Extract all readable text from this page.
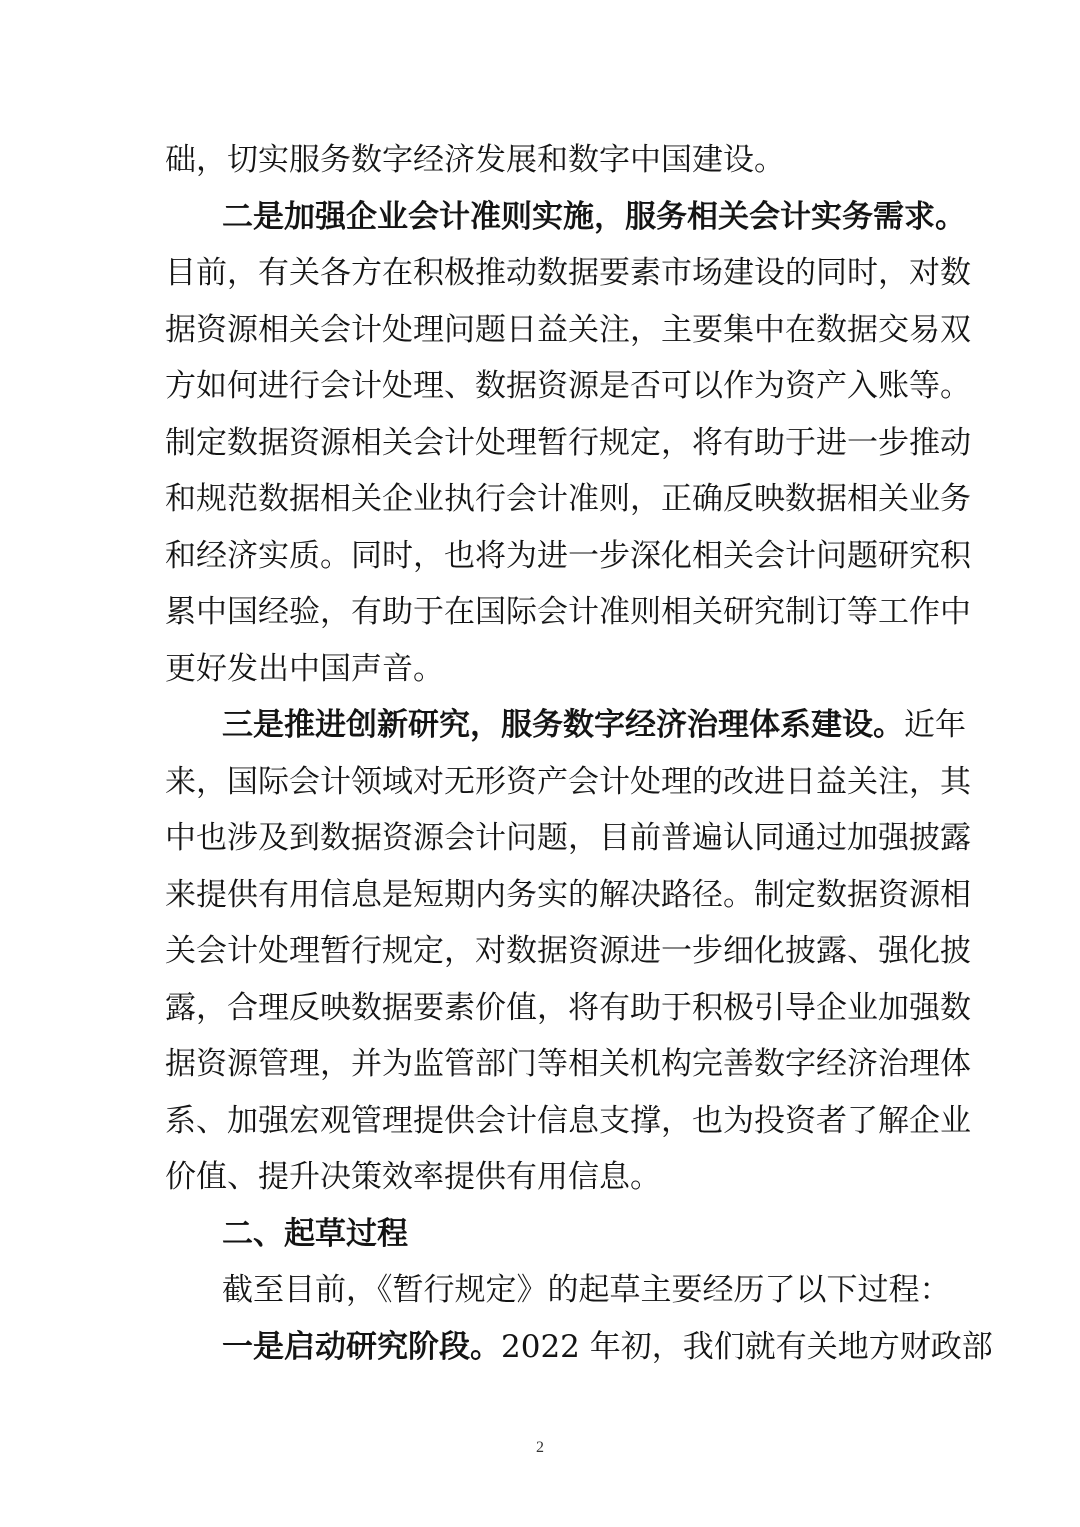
础，切实服务数字经济发展和数字中国建设。
二是加强企业会计准则实施，服务相关会计实务需求。
目前，有关各方在积极推动数据要素市场建设的同时，对数
据资源相关会计处理问题日益关注，主要集中在数据交易双
方如何进行会计处理、数据资源是否可以作为资产入账等。
制定数据资源相关会计处理暂行规定，将有助于进一步推动
和规范数据相关企业执行会计准则，正确反映数据相关业务
和经济实质。同时，也将为进一步深化相关会计问题研究积
累中国经验，有助于在国际会计准则相关研究制订等工作中
更好发出中国声音。
三是推进创新研究，服务数字经济治理体系建设。近年
来，国际会计领域对无形资产会计处理的改进日益关注，其
中也涉及到数据资源会计问题，目前普遍认同通过加强披露
来提供有用信息是短期内务实的解决路径。制定数据资源相
关会计处理暂行规定，对数据资源进一步细化披露、强化披
露，合理反映数据要素价值，将有助于积极引导企业加强数
据资源管理，并为监管部门等相关机构完善数字经济治理体
系、加强宏观管理提供会计信息支撑，也为投资者了解企业
价值、提升决策效率提供有用信息。
二、起草过程
截至目前，《暂行规定》的起草主要经历了以下过程：
一是启动研究阶段。2022 年初，我们就有关地方财政部
2
